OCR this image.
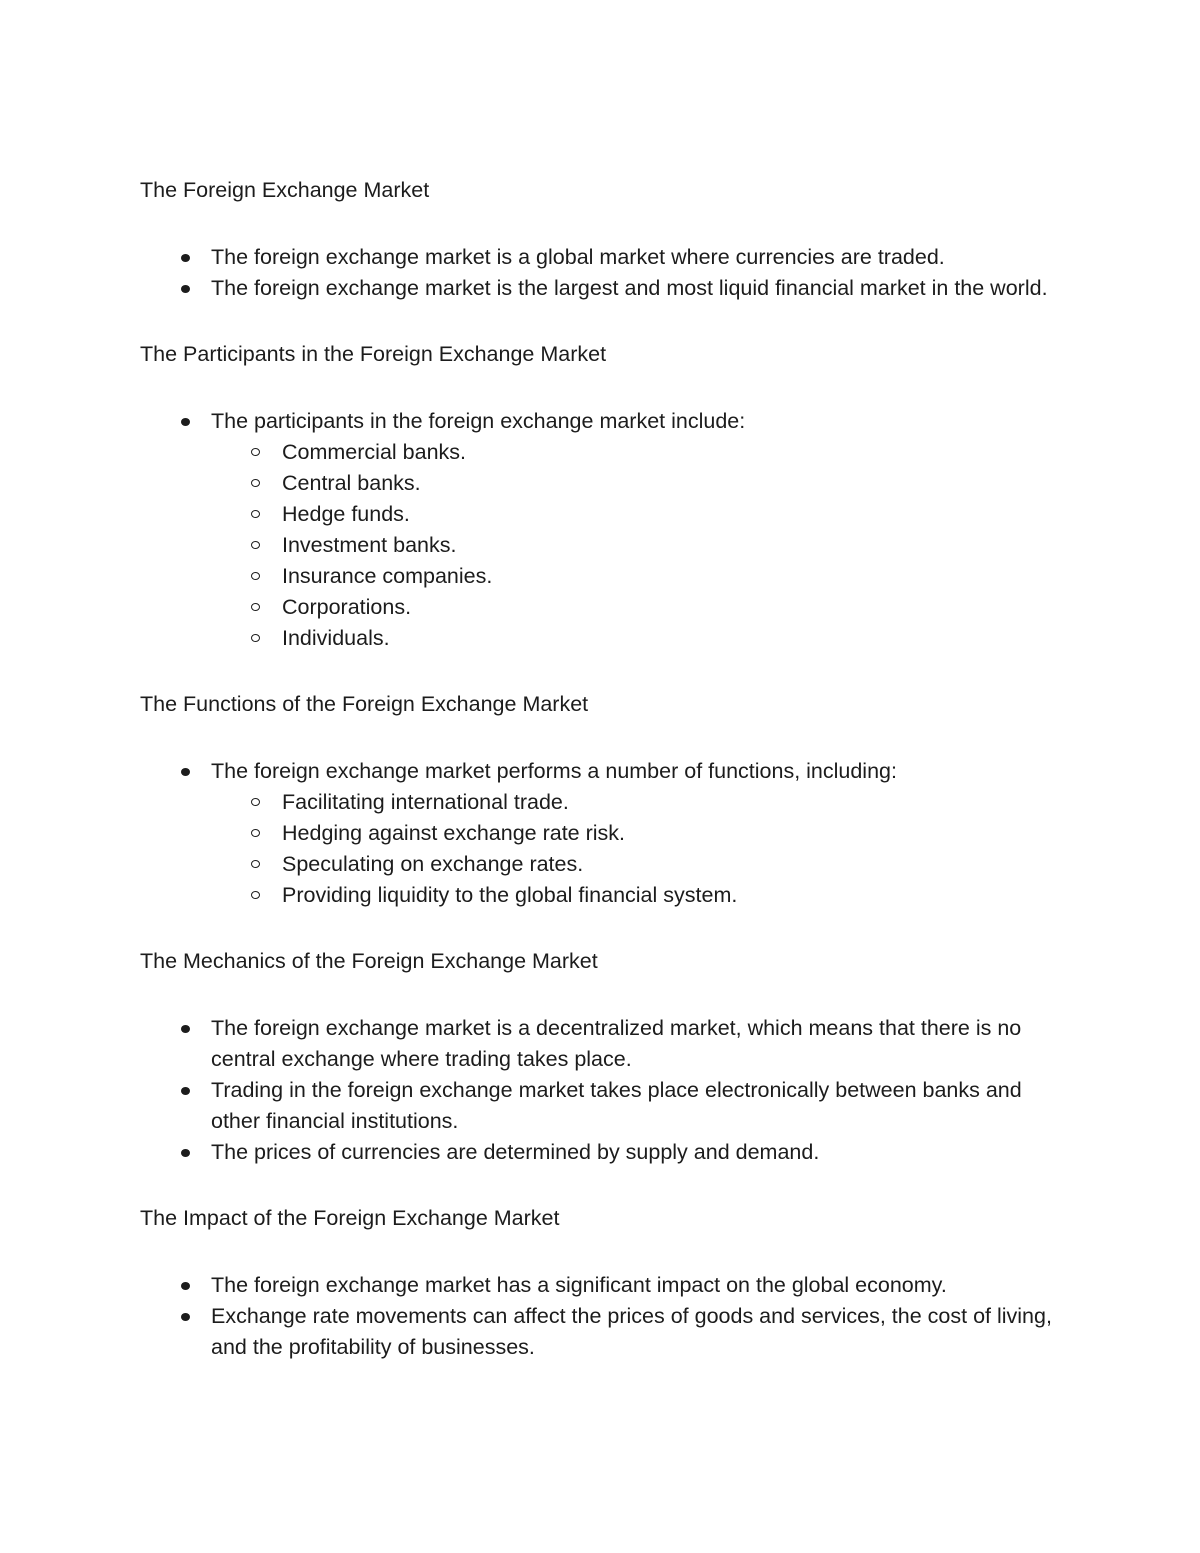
The Foreign Exchange Market

The foreign exchange market is a global market where currencies are traded.
The foreign exchange market is the largest and most liquid financial market in the world.

The Participants in the Foreign Exchange Market

The participants in the foreign exchange market include:
Commercial banks.
Central banks.
Hedge funds.
Investment banks.
Insurance companies.
Corporations.
Individuals.

The Functions of the Foreign Exchange Market

The foreign exchange market performs a number of functions, including:
Facilitating international trade.
Hedging against exchange rate risk.
Speculating on exchange rates.
Providing liquidity to the global financial system.

The Mechanics of the Foreign Exchange Market

The foreign exchange market is a decentralized market, which means that there is no central exchange where trading takes place.
Trading in the foreign exchange market takes place electronically between banks and other financial institutions.
The prices of currencies are determined by supply and demand.

The Impact of the Foreign Exchange Market

The foreign exchange market has a significant impact on the global economy.
Exchange rate movements can affect the prices of goods and services, the cost of living, and the profitability of businesses.
